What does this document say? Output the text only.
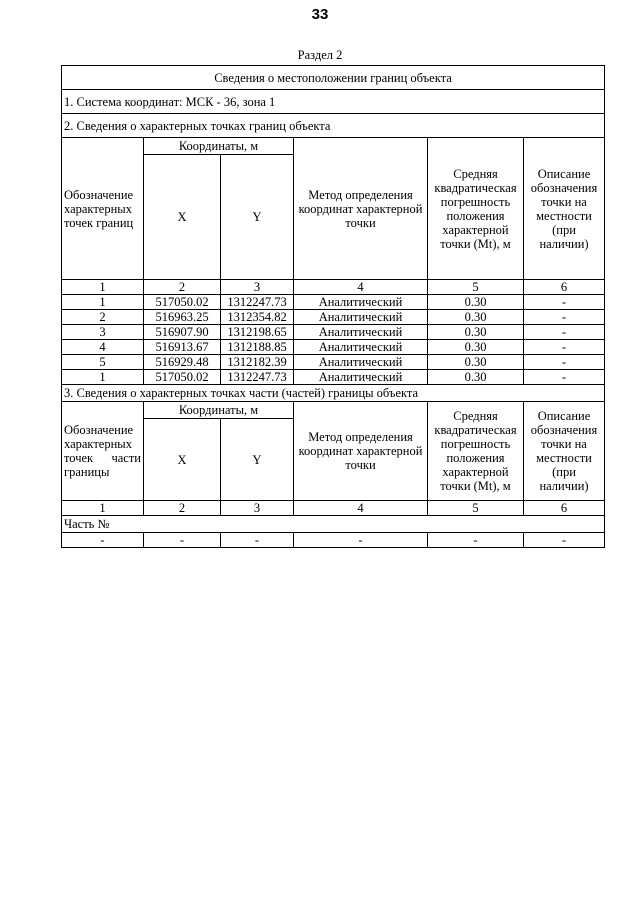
33
Раздел 2
Сведения о местоположении границ объекта					
1. Система координат: МСК - 36, зона 1					
2. Сведения о характерных точках границ объекта					
Обозначение характерных точек границ	Координаты, м		Метод определения координат характерной точки	Средняя квадратическая погрешность положения характерной точки (Mt), м	Описание обозначения точки на местности (при наличии)
	X	Y			
1	2	3	4	5	6
1	517050.02	1312247.73	Аналитический	0.30	-
2	516963.25	1312354.82	Аналитический	0.30	-
3	516907.90	1312198.65	Аналитический	0.30	-
4	516913.67	1312188.85	Аналитический	0.30	-
5	516929.48	1312182.39	Аналитический	0.30	-
1	517050.02	1312247.73	Аналитический	0.30	-
3. Сведения о характерных точках части (частей) границы объекта					
Обозначение характерных точек части границы	Координаты, м		Метод определения координат характерной точки	Средняя квадратическая погрешность положения характерной точки (Mt), м	Описание обозначения точки на местности (при наличии)
	X	Y			
1	2	3	4	5	6
Часть №					
-	-	-	-	-	-
